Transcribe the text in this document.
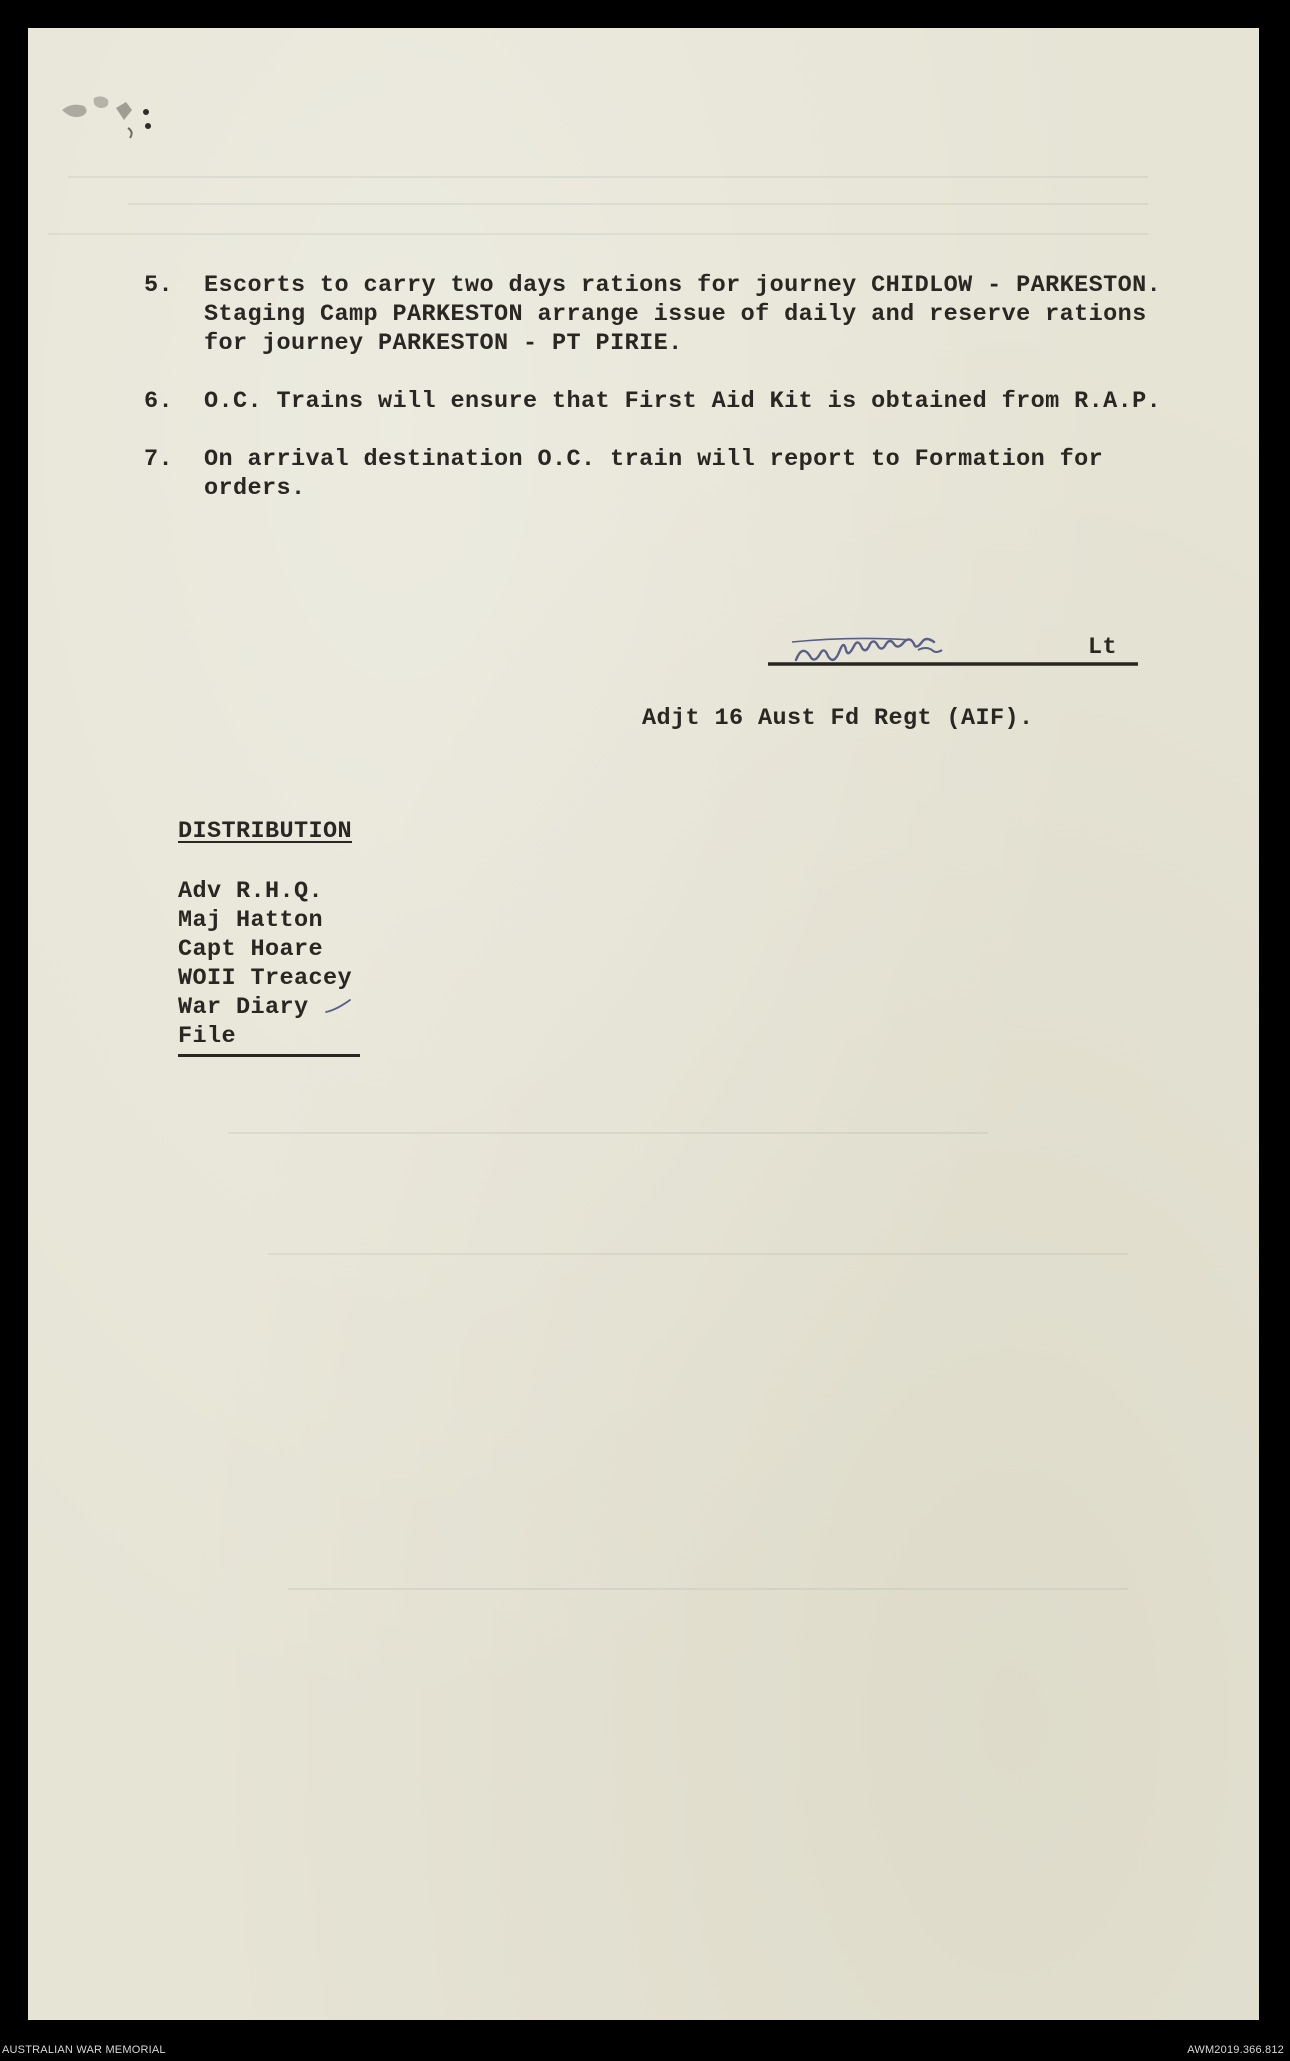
5. Escorts to carry two days rations for journey CHIDLOW - PARKESTON.
Staging Camp PARKESTON arrange issue of daily and reserve rations
for journey PARKESTON - PT PIRIE.
6. O.C. Trains will ensure that First Aid Kit is obtained from R.A.P.
7. On arrival destination O.C. train will report to Formation for
orders.
Lt
Adjt 16 Aust Fd Regt (AIF).
DISTRIBUTION
Adv R.H.Q.
Maj Hatton
Capt Hoare
WOII Treacey
War Diary
File
AUSTRALIAN WAR MEMORIAL	AWM2019.366.812
